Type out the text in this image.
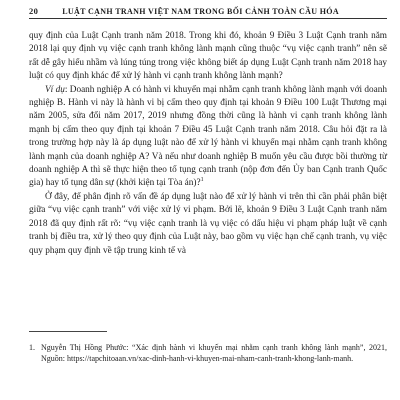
20	LUẬT CẠNH TRANH VIỆT NAM TRONG BỐI CẢNH TOÀN CẦU HÓA

quy định của Luật Cạnh tranh năm 2018. Trong khi đó, khoản 9 Điều 3 Luật Cạnh tranh năm 2018 lại quy định vụ việc cạnh tranh không lành mạnh cũng thuộc “vụ việc cạnh tranh” nên sẽ rất dễ gây hiểu nhầm và lúng túng trong việc không biết áp dụng Luật Cạnh tranh năm 2018 hay luật có quy định khác để xử lý hành vi cạnh tranh không lành mạnh?

Ví dụ: Doanh nghiệp A có hành vi khuyến mại nhằm cạnh tranh không lành mạnh với doanh nghiệp B. Hành vi này là hành vi bị cấm theo quy định tại khoản 9 Điều 100 Luật Thương mại năm 2005, sửa đổi năm 2017, 2019 nhưng đồng thời cũng là hành vi cạnh tranh không lành mạnh bị cấm theo quy định tại khoản 7 Điều 45 Luật Cạnh tranh năm 2018. Câu hỏi đặt ra là trong trường hợp này là áp dụng luật nào để xử lý hành vi khuyến mại nhằm cạnh tranh không lành mạnh của doanh nghiệp A? Và nếu như doanh nghiệp B muốn yêu cầu được bồi thường từ doanh nghiệp A thì sẽ thực hiện theo tố tụng cạnh tranh (nộp đơn đến Ủy ban Cạnh tranh Quốc gia) hay tố tụng dân sự (khởi kiện tại Tòa án)?$^1$

Ở đây, để phân định rõ vấn đề áp dụng luật nào để xử lý hành vi trên thì cần phải phân biệt giữa “vụ việc cạnh tranh” với việc xử lý vi phạm. Bởi lẽ, khoản 9 Điều 3 Luật Cạnh tranh năm 2018 đã quy định rất rõ: “vụ việc cạnh tranh là vụ việc có dấu hiệu vi phạm pháp luật về cạnh tranh bị điều tra, xử lý theo quy định của Luật này, bao gồm vụ việc hạn chế cạnh tranh, vụ việc quy phạm quy định về tập trung kinh tế và

1. Nguyễn Thị Hồng Phước: “Xác định hành vi khuyến mại nhằm cạnh tranh không lành mạnh”, 2021, Nguồn: https://tapchitoaan.vn/xac-dinh-hanh-vi-khuyen-mai-nham-canh-tranh-khong-lanh-manh.
